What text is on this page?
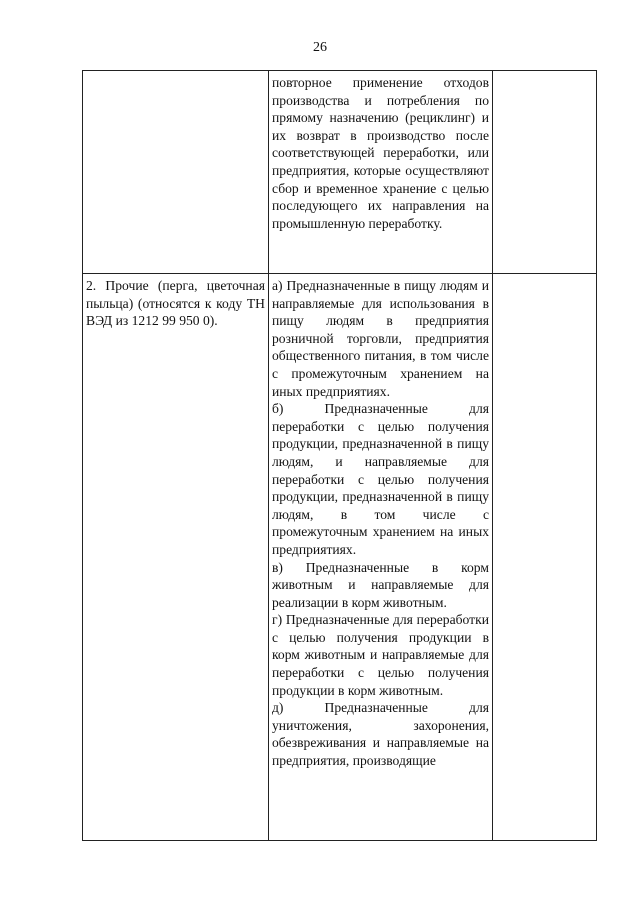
26

	повторное применение отходов производства и потребления по прямому назначению (рециклинг) и их возврат в производство после соответствующей переработки, или предприятия, которые осуществляют сбор и временное хранение с целью последующего их направления на промышленную переработку.	

2. Прочие (перга, цветочная пыльца) (относятся к коду ТН ВЭД из 1212 99 950 0).	а) Предназначенные в пищу людям и направляемые для использования в пищу людям в предприятия розничной торговли, предприятия общественного питания, в том числе с промежуточным хранением на иных предприятиях.

б) Предназначенные для переработки с целью получения продукции, предназначенной в пищу людям, и направляемые для переработки с целью получения продукции, предназначенной в пищу людям, в том числе с промежуточным хранением на иных предприятиях.

в) Предназначенные в корм животным и направляемые для реализации в корм животным.

г) Предназначенные для переработки с целью получения продукции в корм животным и направляемые для переработки с целью получения продукции в корм животным.

д) Предназначенные для уничтожения, захоронения, обезвреживания и направляемые на предприятия, производящие	
